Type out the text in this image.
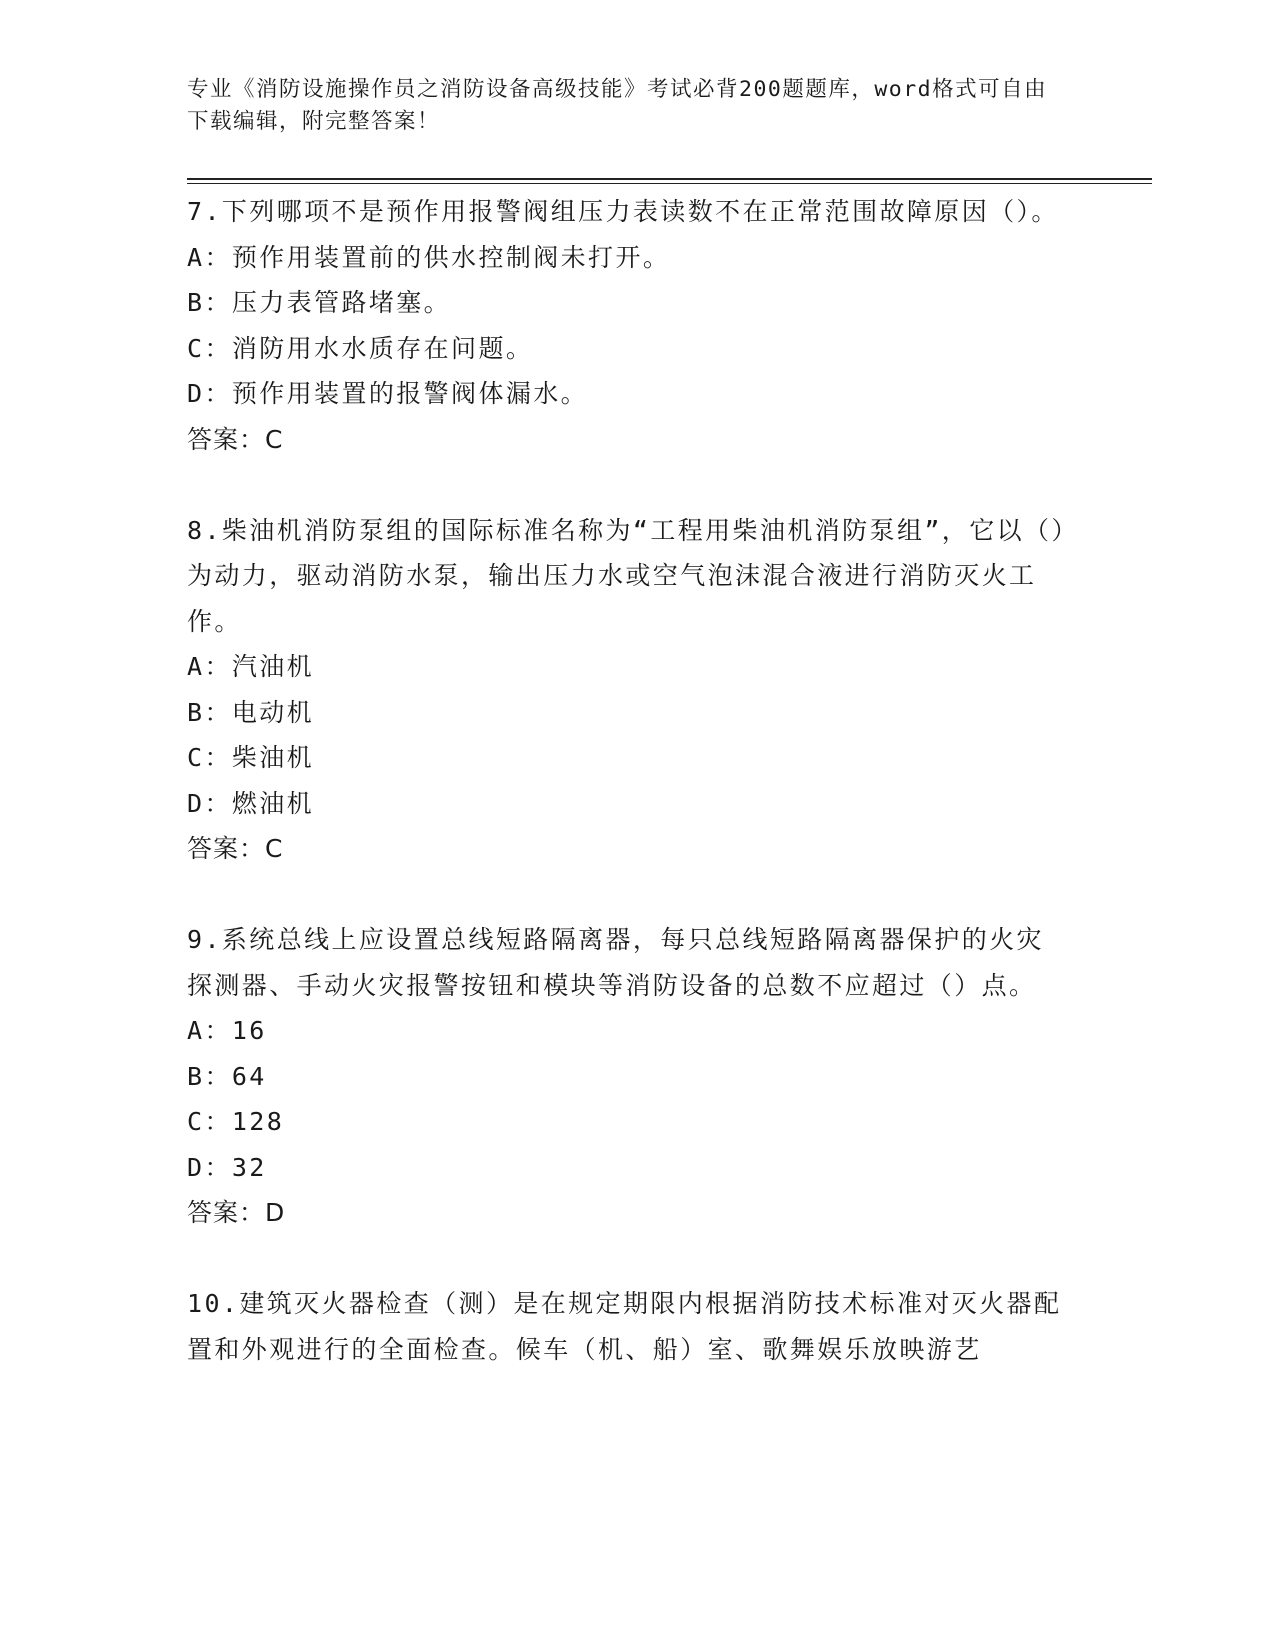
专业《消防设施操作员之消防设备高级技能》考试必背200题题库，word格式可自由下载编辑，附完整答案！
7.下列哪项不是预作用报警阀组压力表读数不在正常范围故障原因（）。
A：预作用装置前的供水控制阀未打开。
B：压力表管路堵塞。
C：消防用水水质存在问题。
D：预作用装置的报警阀体漏水。
答案：C
8.柴油机消防泵组的国际标准名称为“工程用柴油机消防泵组”，它以（）为动力，驱动消防水泵，输出压力水或空气泡沫混合液进行消防灭火工作。
A：汽油机
B：电动机
C：柴油机
D：燃油机
答案：C
9.系统总线上应设置总线短路隔离器，每只总线短路隔离器保护的火灾探测器、手动火灾报警按钮和模块等消防设备的总数不应超过（）点。
A：16
B：64
C：128
D：32
答案：D
10.建筑灭火器检查（测）是在规定期限内根据消防技术标准对灭火器配置和外观进行的全面检查。候车（机、船）室、歌舞娱乐放映游艺
